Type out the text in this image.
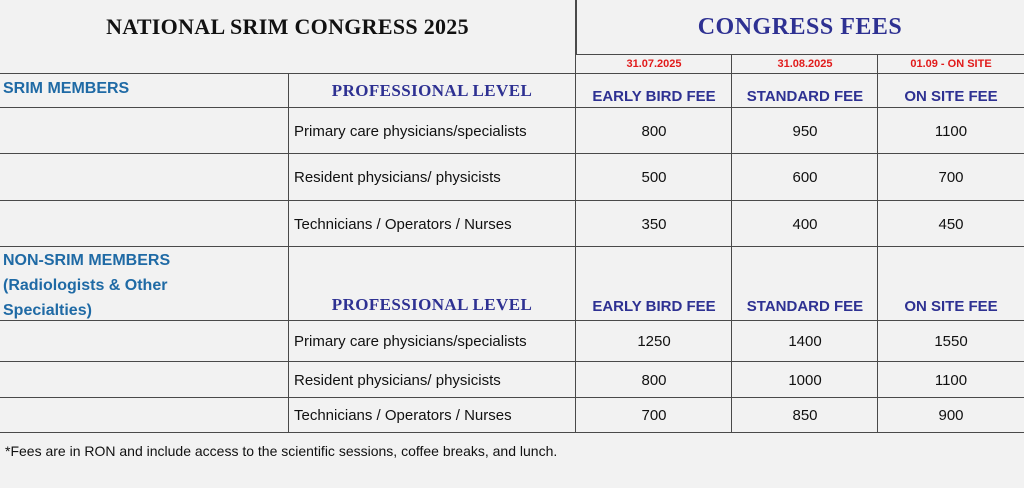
NATIONAL SRIM CONGRESS 2025	CONGRESS FEES
31.07.2025	31.08.2025	01.09 - ON SITE
SRIM MEMBERS	PROFESSIONAL LEVEL	EARLY BIRD FEE	STANDARD FEE	ON SITE FEE
Primary care physicians/specialists	800	950	1100
Resident physicians/ physicists	500	600	700
Technicians / Operators / Nurses	350	400	450
NON-SRIM MEMBERS
(Radiologists & Other
Specialties)	PROFESSIONAL LEVEL	EARLY BIRD FEE	STANDARD FEE	ON SITE FEE
Primary care physicians/specialists	1250	1400	1550
Resident physicians/ physicists	800	1000	1100
Technicians / Operators / Nurses	700	850	900
*Fees are in RON and include access to the scientific sessions, coffee breaks, and lunch.
